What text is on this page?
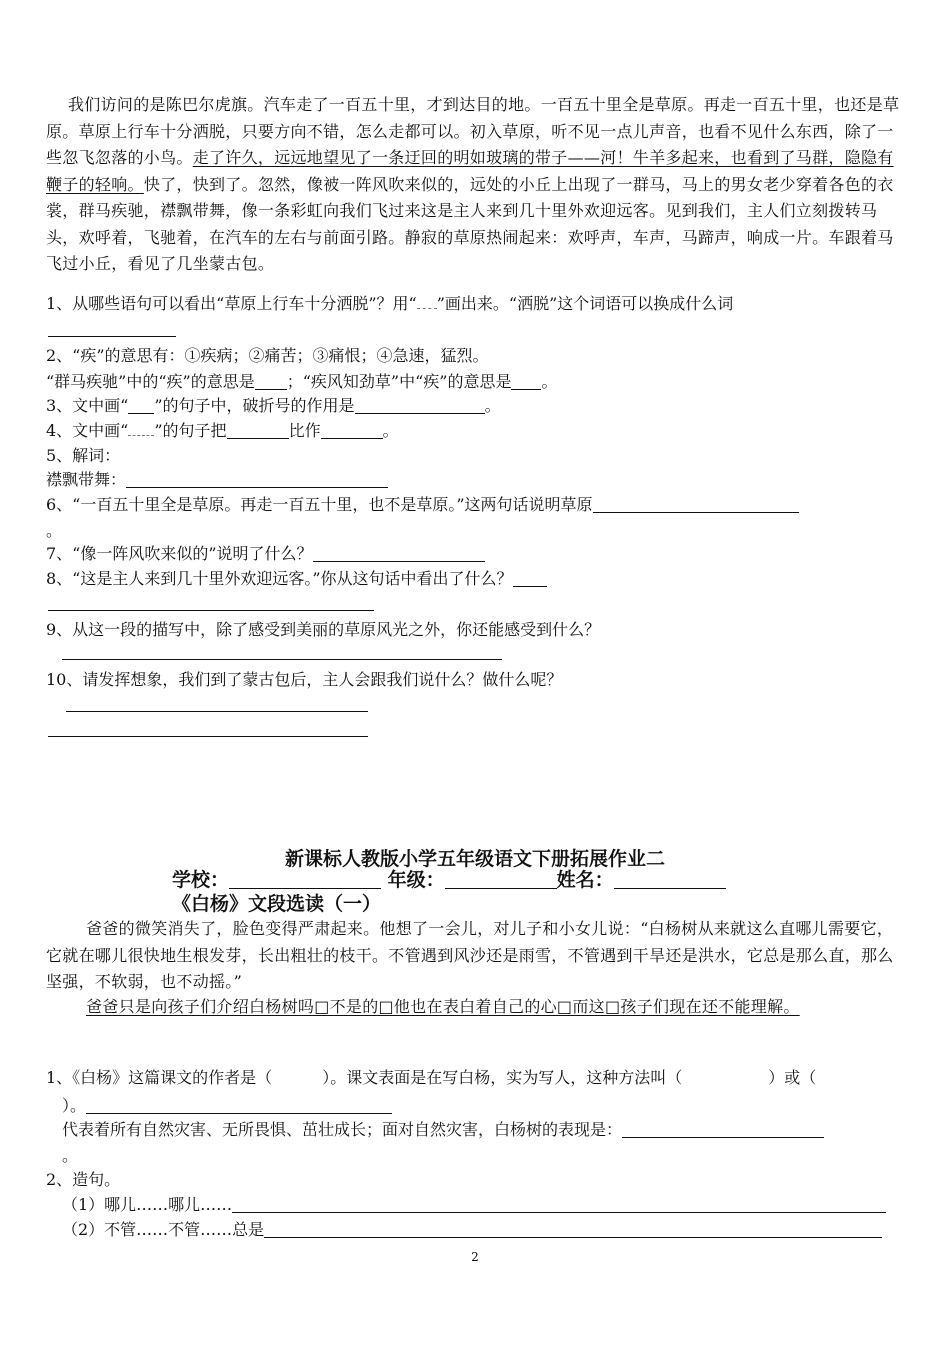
我们访问的是陈巴尔虎旗。汽车走了一百五十里，才到达目的地。一百五十里全是草原。再走一百五十里，也还是草原。草原上行车十分洒脱，只要方向不错，怎么走都可以。初入草原，听不见一点儿声音，也看不见什么东西，除了一些忽飞忽落的小鸟。走了许久，远远地望见了一条迂回的明如玻璃的带子——河！牛羊多起来，也看到了马群，隐隐有鞭子的轻响。快了，快到了。忽然，像被一阵风吹来似的，远处的小丘上出现了一群马，马上的男女老少穿着各色的衣裳，群马疾驰，襟飘带舞，像一条彩虹向我们飞过来这是主人来到几十里外欢迎远客。见到我们，主人们立刻拨转马头，欢呼着，飞驰着，在汽车的左右与前面引路。静寂的草原热闹起来：欢呼声，车声，马蹄声，响成一片。车跟着马飞过小丘，看见了几坐蒙古包。
1、从哪些语句可以看出“草原上行车十分洒脱”？用“ ”画出来。“洒脱”这个词语可以换成什么词
2、“疾”的意思有：①疾病；②痛苦；③痛恨；④急速，猛烈。
“群马疾驰”中的“疾”的意思是 ；“疾风知劲草”中“疾”的意思是 。
3、文中画“ ”的句子中，破折号的作用是	。
4、文中画“ ”的句子把	比作	。
5、解词：
襟飘带舞：
6、“一百五十里全是草原。再走一百五十里，也不是草原。”这两句话说明草原
。
7、“像一阵风吹来似的”说明了什么？
8、“这是主人来到几十里外欢迎远客。”你从这句话中看出了什么？
9、从这一段的描写中，除了感受到美丽的草原风光之外，你还能感受到什么？
10、请发挥想象，我们到了蒙古包后，主人会跟我们说什么？做什么呢？
新课标人教版小学五年级语文下册拓展作业二
学校：	年级：	姓名：
《白杨》文段选读（一）
爸爸的微笑消失了，脸色变得严肃起来。他想了一会儿，对儿子和小女儿说：“白杨树从来就这么直哪儿需要它，它就在哪儿很快地生根发芽，长出粗壮的枝干。不管遇到风沙还是雨雪，不管遇到干旱还是洪水，它总是那么直，那么坚强，不软弱，也不动摇。”
爸爸只是向孩子们介绍白杨树吗□不是的□他也在表白着自己的心□而这□孩子们现在还不能理解。
1、《白杨》这篇课文的作者是（	）。课文表面是在写白杨，实为写人，这种方法叫（	）或（
）。
代表着所有自然灾害、无所畏惧、茁壮成长；面对自然灾害，白杨树的表现是：
。
2、造句。
（1）哪儿……哪儿……
（2）不管……不管……总是
2
